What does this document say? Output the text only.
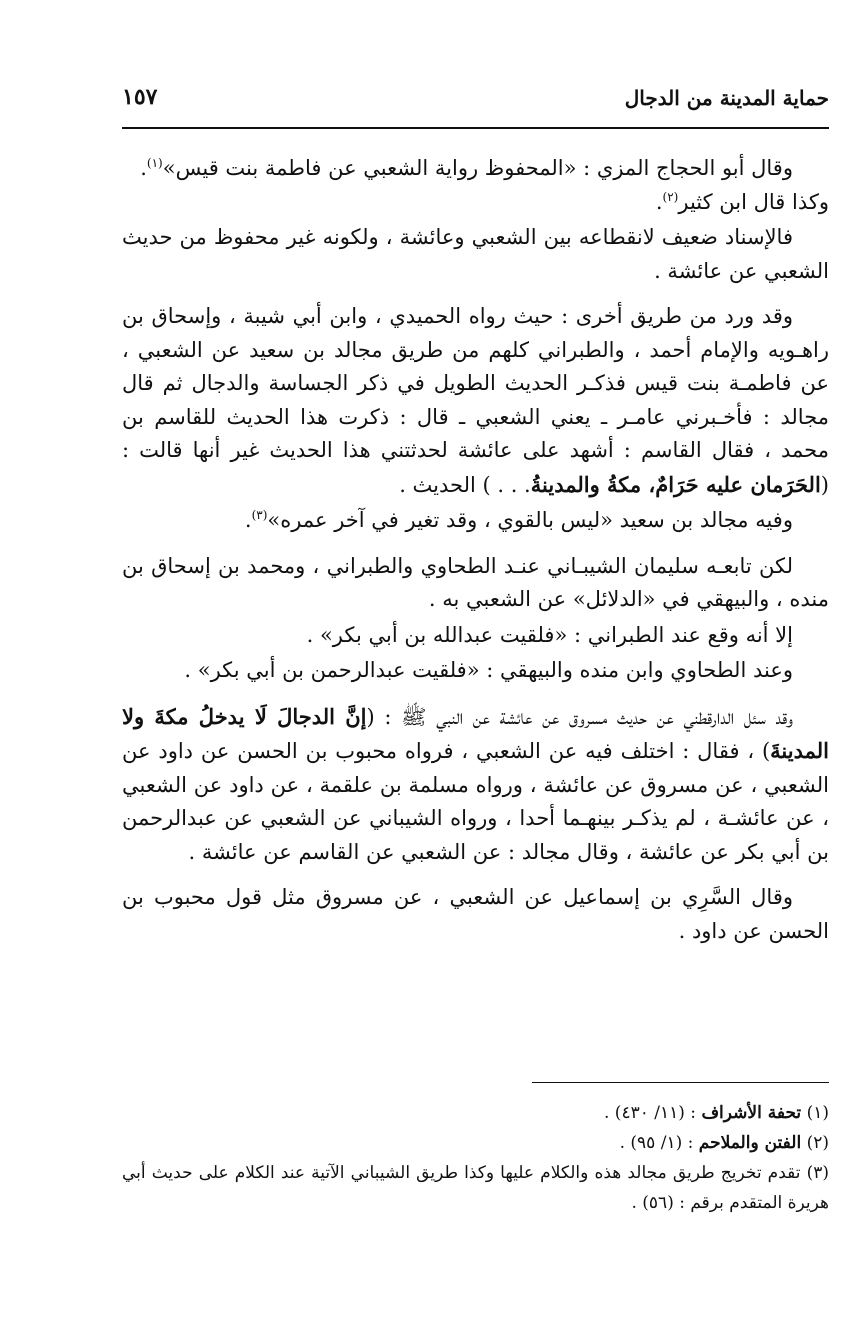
حماية المدينة من الدجال
١٥٧

وقال أبو الحجاج المزي : «المحفوظ رواية الشعبي عن فاطمة بنت قيس»$^{(١)}$.
وكذا قال ابن كثير$^{(٢)}$.

فالإسناد ضعيف لانقطاعه بين الشعبي وعائشة ، ولكونه غير محفوظ من حديث الشعبي عن عائشة .

وقد ورد من طريق أخرى : حيث رواه الحميدي ، وابن أبي شيبة ، وإسحاق بن راهـويه والإمام أحمد ، والطبراني كلهم من طريق مجالد بن سعيد عن الشعبي ، عن فاطمـة بنت قيس فذكـر الحديث الطويل في ذكر الجساسة والدجال ثم قال مجالد : فأخـبرني عامـر ـ يعني الشعبي ـ قال : ذكرت هذا الحديث للقاسم بن محمد ، فقال القاسم : أشهد على عائشة لحدثتني هذا الحديث غير أنها قالت : (الحَرَمان عليه حَرَامٌ، مكةُ والمدينةُ. . . ) الحديث .

وفيه مجالد بن سعيد «ليس بالقوي ، وقد تغير في آخر عمره»$^{(٣)}$.

لكن تابعـه سليمان الشيبـاني عنـد الطحاوي والطبراني ، ومحمد بن إسحاق بن منده ، والبيهقي في «الدلائل» عن الشعبي به .

إلا أنه وقع عند الطبراني : «فلقيت عبدالله بن أبي بكر» .

وعند الطحاوي وابن منده والبيهقي : «فلقيت عبدالرحمن بن أبي بكر» .

وقد سئل الدارقطني عن حديث مسروق عن عائشة عن النبي ﷺ : (إنَّ الدجالَ لَا يدخلُ مكةَ ولا المدينةَ) ، فقال : اختلف فيه عن الشعبي ، فرواه محبوب بن الحسن عن داود عن الشعبي ، عن مسروق عن عائشة ، ورواه مسلمة بن علقمة ، عن داود عن الشعبي ، عن عائشـة ، لم يذكـر بينهـما أحدا ، ورواه الشيباني عن الشعبي عن عبدالرحمن بن أبي بكر عن عائشة ، وقال مجالد : عن الشعبي عن القاسم عن عائشة .

وقال السَّرِي بن إسماعيل عن الشعبي ، عن مسروق مثل قول محبوب بن الحسن عن داود .

(١) تحفة الأشراف : (١١/ ٤٣٠) .

(٢) الفتن والملاحم : (١/ ٩٥) .

(٣) تقدم تخريج طريق مجالد هذه والكلام عليها وكذا طريق الشيباني الآتية عند الكلام على حديث أبي هريرة المتقدم برقم : (٥٦) .
